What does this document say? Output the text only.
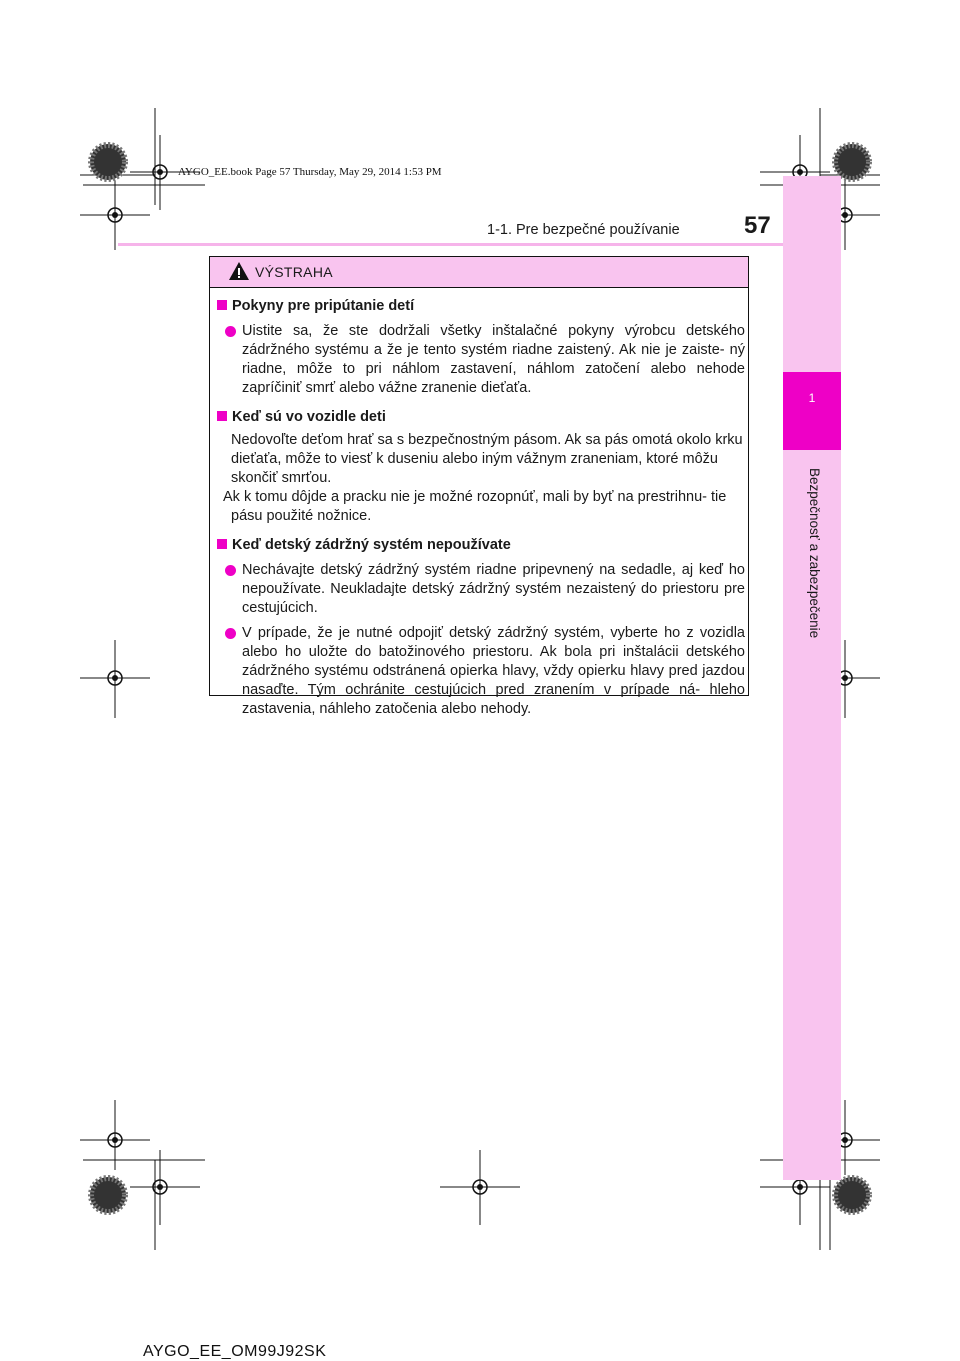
1
Bezpečnosť a zabezpečenie
AYGO_EE.book Page 57 Thursday, May 29, 2014 1:53 PM
1-1. Pre bezpečné používanie	57
VÝSTRAHA
Pokyny pre pripútanie detí
Uistite sa, že ste dodržali všetky inštalačné pokyny výrobcu detského zádržného systému a že je tento systém riadne zaistený. Ak nie je zaiste- ný riadne, môže to pri náhlom zastavení, náhlom zatočení alebo nehode zapríčiniť smrť alebo vážne zranenie dieťaťa.
Keď sú vo vozidle deti
Nedovoľte deťom hrať sa s bezpečnostným pásom. Ak sa pás omotá okolo krku dieťaťa, môže to viesť k duseniu alebo iným vážnym zraneniam, ktoré môžu skončiť smrťou.
Ak k tomu dôjde a pracku nie je možné rozopnúť, mali by byť na prestrihnu- tie pásu použité nožnice.
Keď detský zádržný systém nepoužívate
Nechávajte detský zádržný systém riadne pripevnený na sedadle, aj keď ho nepoužívate. Neukladajte detský zádržný systém nezaistený do priestoru pre cestujúcich.
V prípade, že je nutné odpojiť detský zádržný systém, vyberte ho z vozidla alebo ho uložte do batožinového priestoru. Ak bola pri inštalácii detského zádržného systému odstránená opierka hlavy, vždy opierku hlavy pred jazdou nasaďte. Tým ochránite cestujúcich pred zranením v prípade ná- hleho zastavenia, náhleho zatočenia alebo nehody.
AYGO_EE_OM99J92SK
